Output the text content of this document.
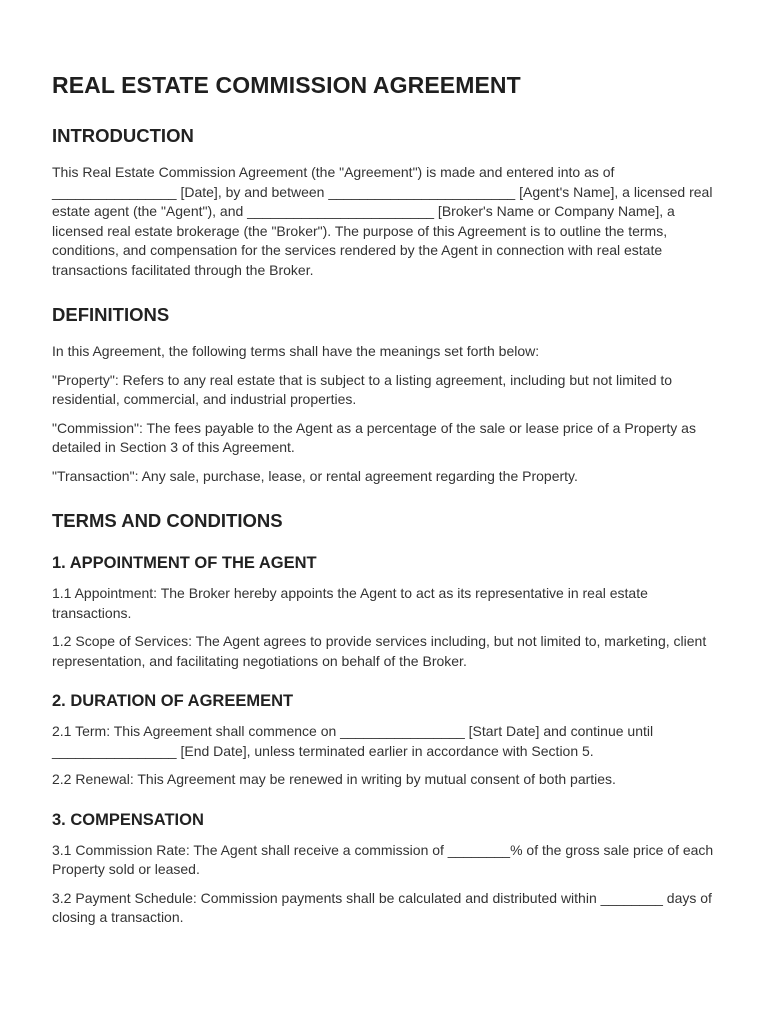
REAL ESTATE COMMISSION AGREEMENT
INTRODUCTION

This Real Estate Commission Agreement (the "Agreement") is made and entered into as of ________________ [Date], by and between ________________________ [Agent's Name], a licensed real estate agent (the "Agent"), and ________________________ [Broker's Name or Company Name], a licensed real estate brokerage (the "Broker"). The purpose of this Agreement is to outline the terms, conditions, and compensation for the services rendered by the Agent in connection with real estate transactions facilitated through the Broker.

DEFINITIONS

In this Agreement, the following terms shall have the meanings set forth below:

"Property": Refers to any real estate that is subject to a listing agreement, including but not limited to residential, commercial, and industrial properties.

"Commission": The fees payable to the Agent as a percentage of the sale or lease price of a Property as detailed in Section 3 of this Agreement.

"Transaction": Any sale, purchase, lease, or rental agreement regarding the Property.

TERMS AND CONDITIONS
1. APPOINTMENT OF THE AGENT

1.1 Appointment: The Broker hereby appoints the Agent to act as its representative in real estate transactions.

1.2 Scope of Services: The Agent agrees to provide services including, but not limited to, marketing, client representation, and facilitating negotiations on behalf of the Broker.

2. DURATION OF AGREEMENT

2.1 Term: This Agreement shall commence on ________________ [Start Date] and continue until ________________ [End Date], unless terminated earlier in accordance with Section 5.

2.2 Renewal: This Agreement may be renewed in writing by mutual consent of both parties.

3. COMPENSATION

3.1 Commission Rate: The Agent shall receive a commission of ________% of the gross sale price of each Property sold or leased.

3.2 Payment Schedule: Commission payments shall be calculated and distributed within ________ days of closing a transaction.
